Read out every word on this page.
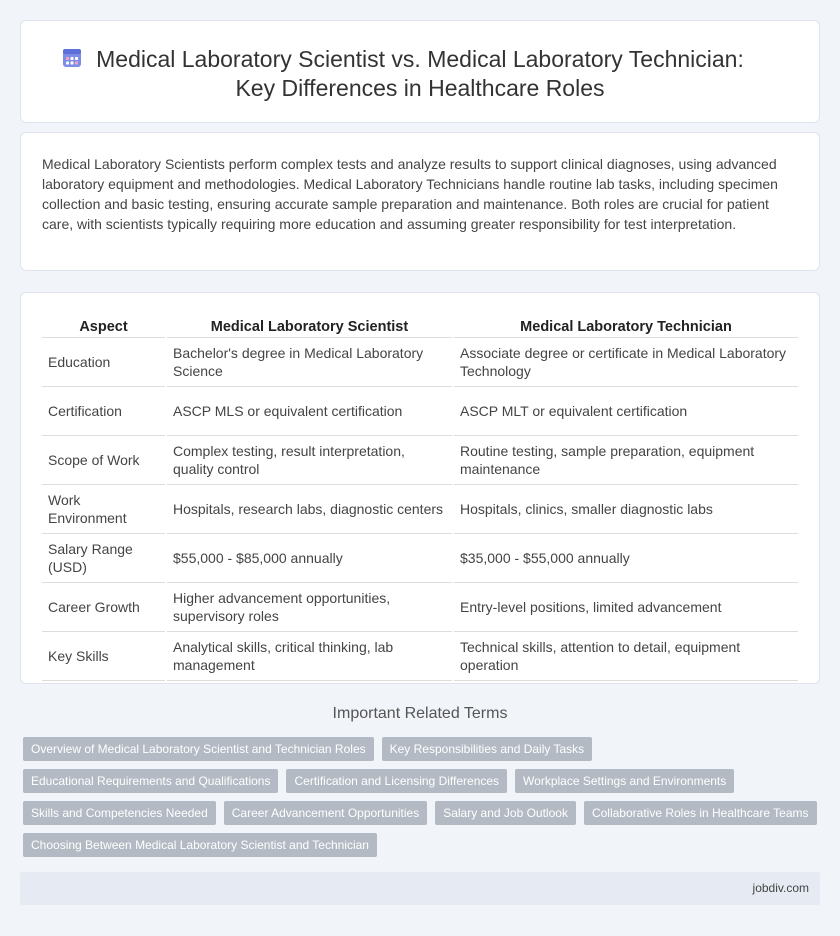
Medical Laboratory Scientist vs. Medical Laboratory Technician:
Key Differences in Healthcare Roles

Medical Laboratory Scientists perform complex tests and analyze results to support clinical diagnoses, using advanced laboratory equipment and methodologies. Medical Laboratory Technicians handle routine lab tasks, including specimen collection and basic testing, ensuring accurate sample preparation and maintenance. Both roles are crucial for patient care, with scientists typically requiring more education and assuming greater responsibility for test interpretation.

Aspect	Medical Laboratory Scientist	Medical Laboratory Technician
Education	Bachelor's degree in Medical Laboratory Science	Associate degree or certificate in Medical Laboratory Technology
Certification	ASCP MLS or equivalent certification	ASCP MLT or equivalent certification
Scope of Work	Complex testing, result interpretation, quality control	Routine testing, sample preparation, equipment maintenance
Work Environment	Hospitals, research labs, diagnostic centers	Hospitals, clinics, smaller diagnostic labs
Salary Range (USD)	$55,000 - $85,000 annually	$35,000 - $55,000 annually
Career Growth	Higher advancement opportunities, supervisory roles	Entry-level positions, limited advancement
Key Skills	Analytical skills, critical thinking, lab management	Technical skills, attention to detail, equipment operation
Important Related Terms
Overview of Medical Laboratory Scientist and Technician Roles	Key Responsibilities and Daily Tasks
Educational Requirements and Qualifications	Certification and Licensing Differences	Workplace Settings and Environments
Skills and Competencies Needed	Career Advancement Opportunities	Salary and Job Outlook	Collaborative Roles in Healthcare Teams
Choosing Between Medical Laboratory Scientist and Technician
jobdiv.com
